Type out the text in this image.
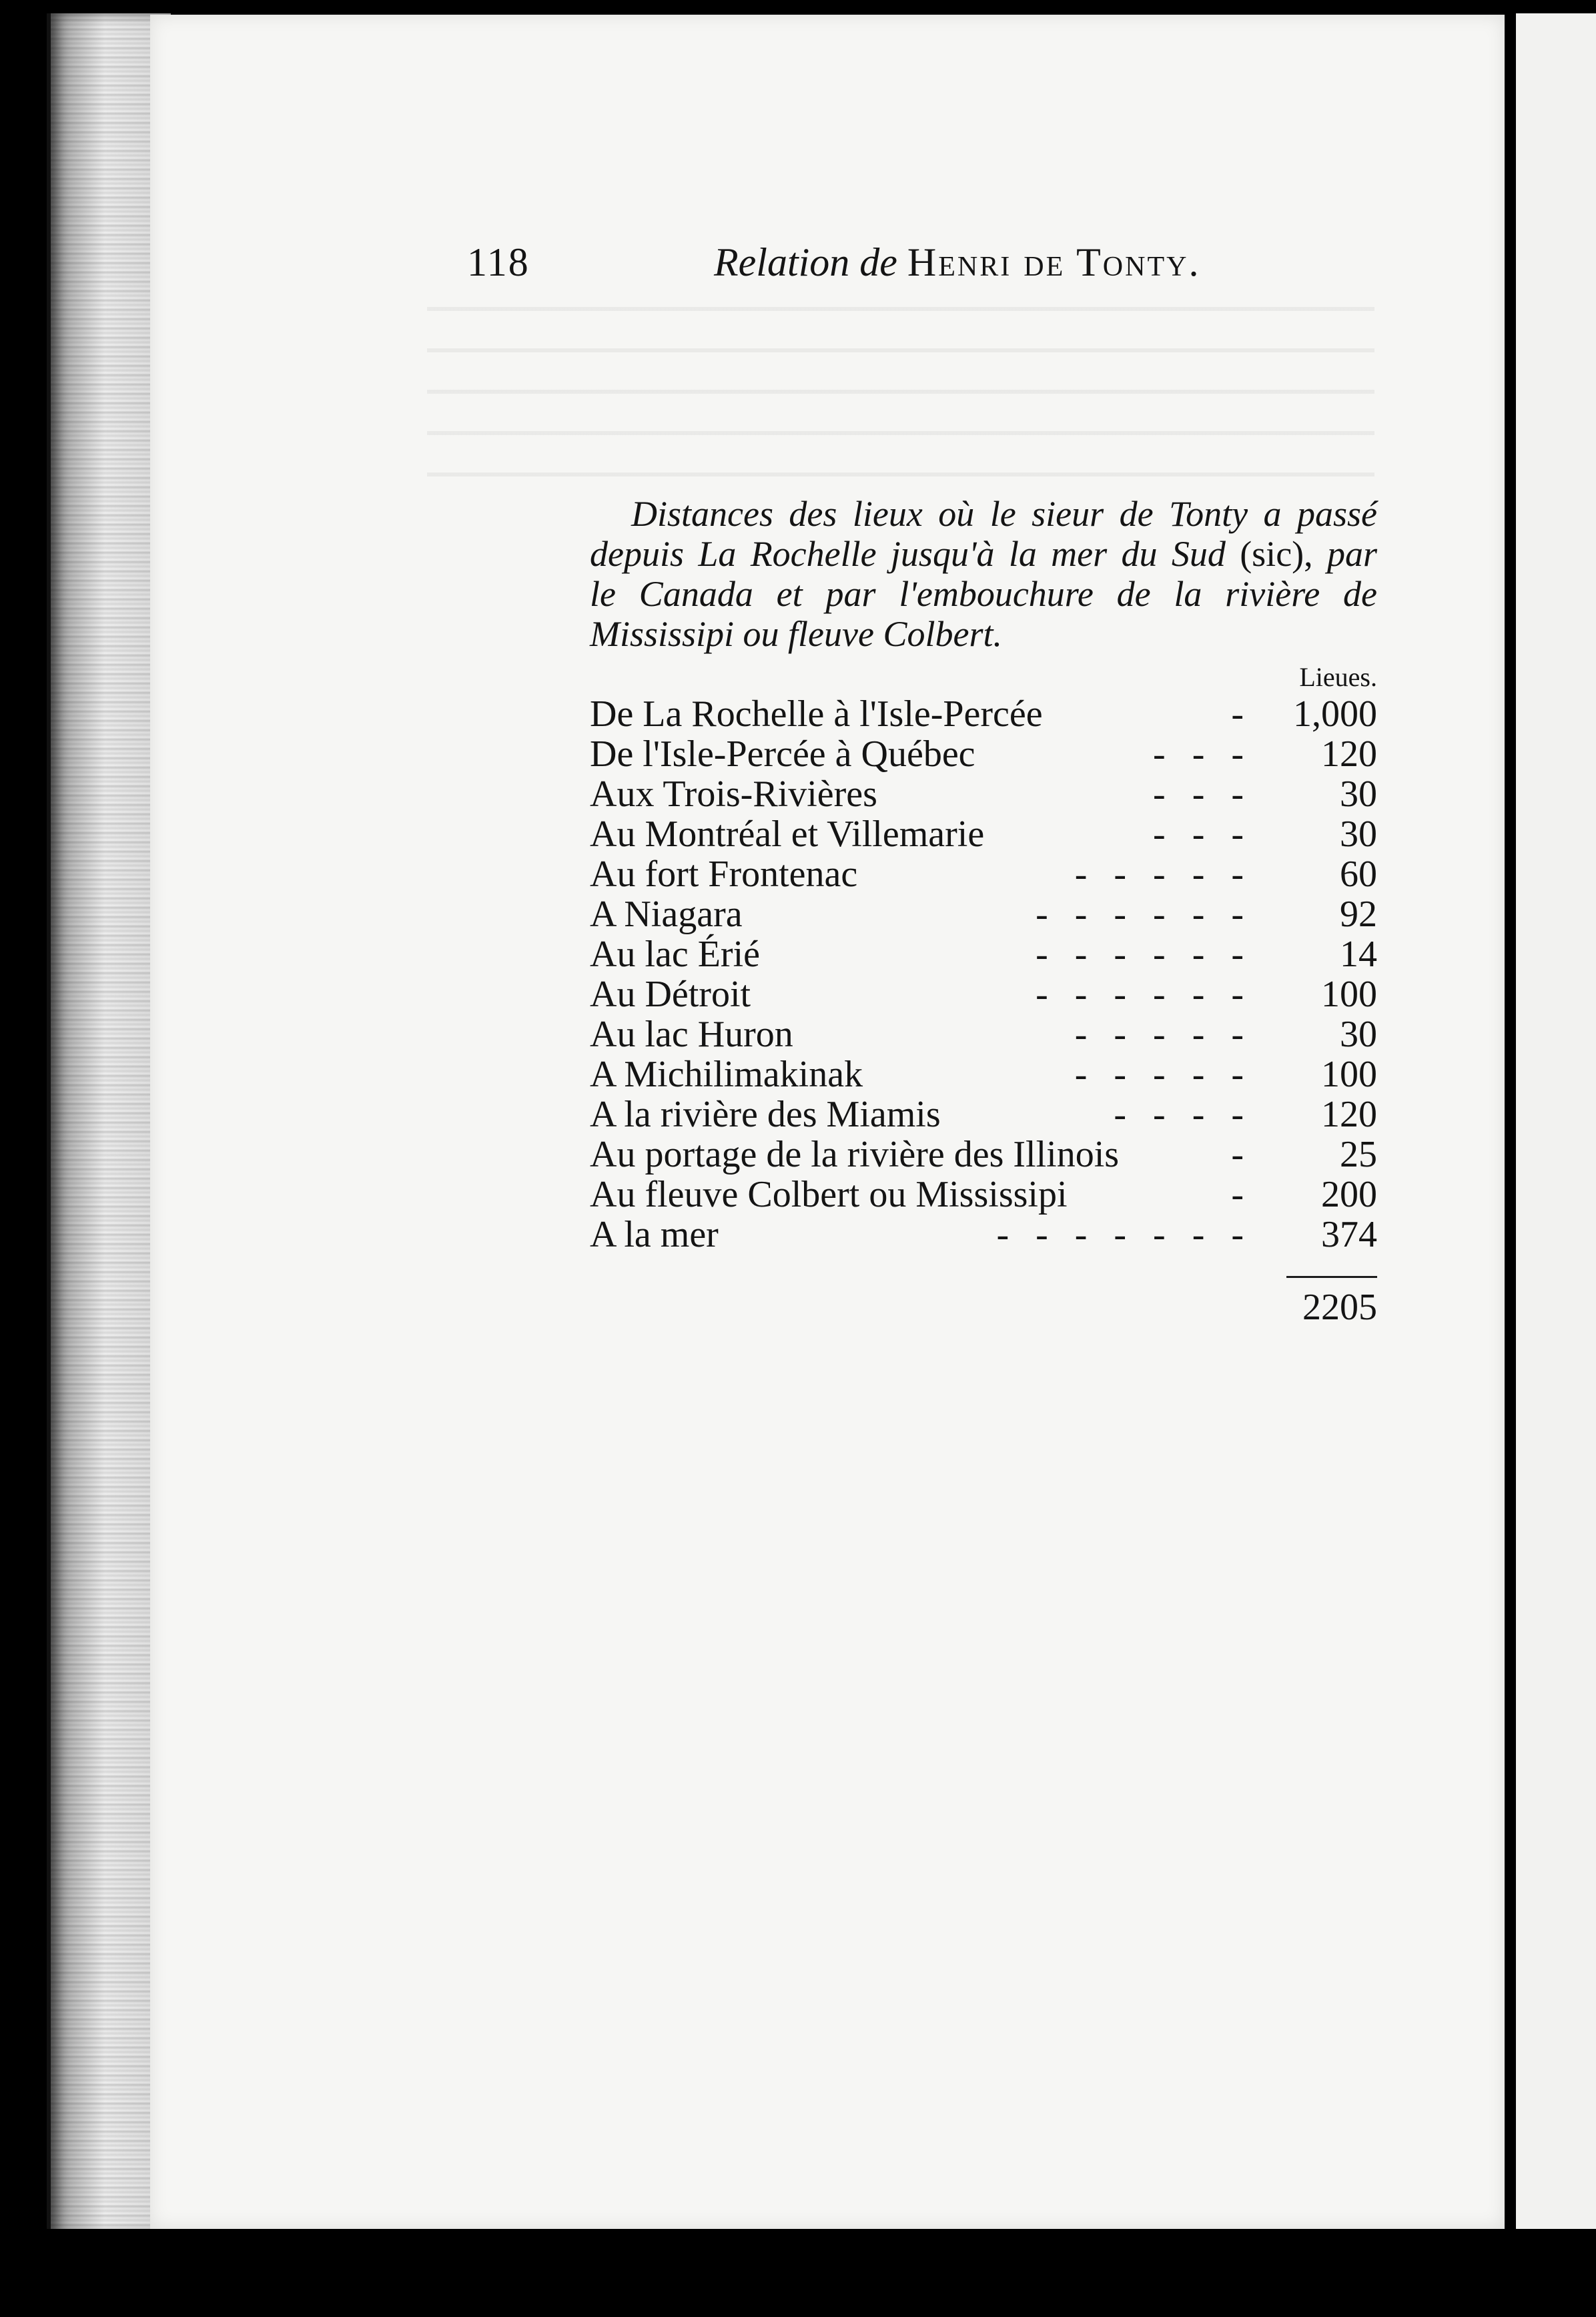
118	Relation de Henri de Tonty.
Distances des lieux où le sieur de Tonty a passé
depuis La Rochelle jusqu'à la mer du Sud (sic), par
le Canada et par l'embouchure de la rivière de
Mississipi ou fleuve Colbert.
Lieues.
De La Rochelle à l'Isle-Percée	-	1,000
De l'Isle-Percée à Québec	- - -	120
Aux Trois-Rivières	- - -	30
Au Montréal et Villemarie	- - -	30
Au fort Frontenac	- - - - -	60
A Niagara	- - - - - -	92
Au lac Érié	- - - - - -	14
Au Détroit	- - - - - -	100
Au lac Huron	- - - - -	30
A Michilimakinak	- - - - -	100
A la rivière des Miamis	- - - -	120
Au portage de la rivière des Illinois	-	25
Au fleuve Colbert ou Mississipi	-	200
A la mer	- - - - - - -	374
2205
